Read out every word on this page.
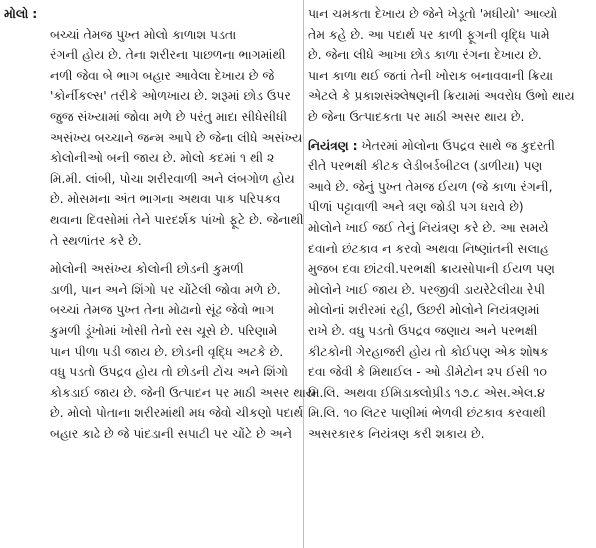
મોલો :

બચ્ચાં તેમજ પુખ્ત મોલો કાળાશ પડતા
રંગની હોય છે. તેના શરીરના પાછળના ભાગમાંથી
નળી જેવા બે ભાગ બહાર આવેલા દેખાય છે જે
'કોર્નીકલ્સ' તરીકે ઓળખાય છે. શરૂમાં છોડ ઉપર
જુજ સંખ્યામાં જોવા મળે છે પરંતુ માદા સીધેસીધી
અસંખ્ય બચ્ચાને જન્મ આપે છે જેના લીધે અસંખ્ય
કોલોનીઓ બની જાય છે. મોલો કદમાં ૧ થી ૨
મિ.મી. લાંબી, પોચા શરીરવાળી અને લંબગોળ હોય
છે. મોસમના અંત ભાગના અથવા પાક પરિપકવ
થવાના દિવસોમાં તેને પારદર્શક પાંખો ફૂટે છે. જેનાથી
તે સ્થળાંતર કરે છે.

મોલોની અસંખ્ય કોલોની છોડની કુમળી
ડાળી, પાન અને શિંગો પર ચોંટેલી જોવા મળે છે.
બચ્ચાં તેમજ પુખ્ત તેના મોઢાનો સૂંઢ જેવો ભાગ
કુમળી ડૂંખોમાં ખોસી તેનો રસ ચૂસે છે. પરિણામે
પાન પીળા પડી જાય છે. છોડની વૃદ્ધિ અટકે છે.
વધુ પડતો ઉપદ્રવ હોય તો છોડની ટોચ અને શિંગો
કોકડાઈ જાય છે. જેની ઉત્પાદન પર માઠી અસર થાય
છે. મોલો પોતાના શરીરમાંથી મધ જેવો ચીકણો પદાર્થ
બહાર કાઢે છે જે પાંદડાની સપાટી પર ચોંટે છે અને

પાન ચમકતા દેખાય છે જેને ખેડૂતો 'મધીયો' આવ્યો
તેમ કહે છે. આ પદાર્થ પર કાળી ફૂગની વૃદ્ધિ પામે
છે. જેના લીધે આખા છોડ કાળા રંગના દેખાય છે.
પાન કાળા થઈ જતાં તેની ખોરાક બનાવવાની ક્રિયા
એટલે કે પ્રકાશસંશ્લેષણની ક્રિયામાં અવરોધ ઉભો થાય
છે જેના ઉત્પાદકતા પર માઠી અસર થાય છે.

નિયંત્રણ : ખેતરમાં મોલોના ઉપદ્રવ સાથે જ કુદરતી
રીતે પરભક્ષી કીટક લેડીબર્ડબીટલ (ડાળીયા) પણ
આવે છે. જેનું પુખ્ત તેમજ ઈયળ (જે કાળા રંગની,
પીળાં પટ્ટાવાળી અને ત્રણ જોડી પગ ધરાવે છે)
મોલોને ખાઈ જઈ તેનું નિયંત્રણ કરે છે. આ સમયે
દવાનો છંટકાવ ન કરવો અથવા નિષ્ણાંતની સલાહ
મુજબ દવા છાંટવી.પરભક્ષી ક્રાયસોપાની ઈયળ પણ
મોલોને ખાઈ જાય છે. પરજીવી ડાયરેટેલીયા રેપી
મોલોનાં શરીરમાં રહી, ઉછરી મોલોને નિયંત્રણમાં
રાખે છે. વધુ પડતો ઉપદ્રવ જણાય અને પરભક્ષી
કીટકોની ગેરહાજરી હોય તો કોઈપણ એક શોષક
દવા જેવી કે મિથાઈલ - ઓ ડીમેટોન ૨૫ ઈસી ૧૦
મિ.લિ. અથવા ઈમિડાક્લોપ્રીડ ૧૭.૮ એસ.એલ.૪
મિ.લિ. ૧૦ લિટર પાણીમાં ભેળવી છંટકાવ કરવાથી
અસરકારક નિયંત્રણ કરી શકાય છે.
